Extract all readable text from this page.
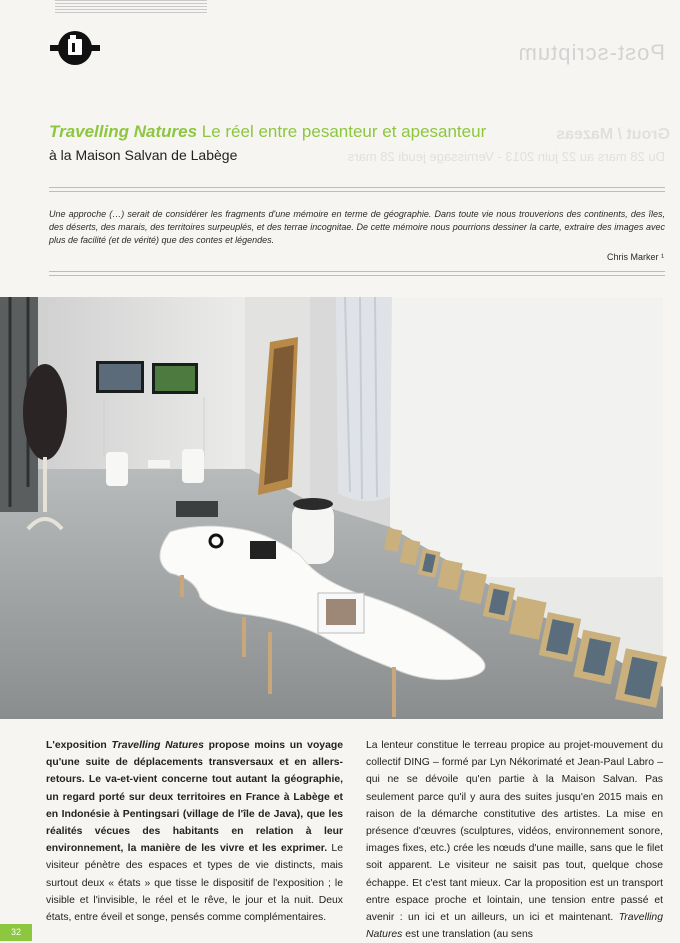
Post-scriptum
Grout / Mazeas
Du 28 mars au 22 juin 2013 - Vernissage jeudi 28 mars
Travelling Natures Le réel entre pesanteur et apesanteur
à la Maison Salvan de Labège
Une approche (…) serait de considérer les fragments d'une mémoire en terme de géographie. Dans toute vie nous trouverions des continents, des îles, des déserts, des marais, des territoires surpeuplés, et des terrae incognitae. De cette mémoire nous pourrions dessiner la carte, extraire des images avec plus de facilité (et de vérité) que des contes et légendes.
Chris Marker ¹
L'exposition Travelling Natures propose moins un voyage qu'une suite de déplacements transversaux et en allers-retours. Le va-et-vient concerne tout autant la géographie, un regard porté sur deux territoires en France à Labège et en Indonésie à Pentingsari (village de l'île de Java), que les réalités vécues des habitants en relation à leur environnement, la manière de les vivre et les exprimer. Le visiteur pénètre des espaces et types de vie distincts, mais surtout deux « états » que tisse le dispositif de l'exposition ; le visible et l'invisible, le réel et le rêve, le jour et la nuit. Deux états, entre éveil et songe, pensés comme complémentaires.
La lenteur constitue le terreau propice au projet-mouvement du collectif DING – formé par Lyn Nékorimaté et Jean-Paul Labro – qui ne se dévoile qu'en partie à la Maison Salvan. Pas seulement parce qu'il y aura des suites jusqu'en 2015 mais en raison de la démarche constitutive des artistes. La mise en présence d'œuvres (sculptures, vidéos, environnement sonore, images fixes, etc.) crée les nœuds d'une maille, sans que le filet soit apparent. Le visiteur ne saisit pas tout, quelque chose échappe. Et c'est tant mieux. Car la proposition est un transport entre espace proche et lointain, une tension entre passé et avenir : un ici et un ailleurs, un ici et maintenant. Travelling Natures est une translation (au sens
32
